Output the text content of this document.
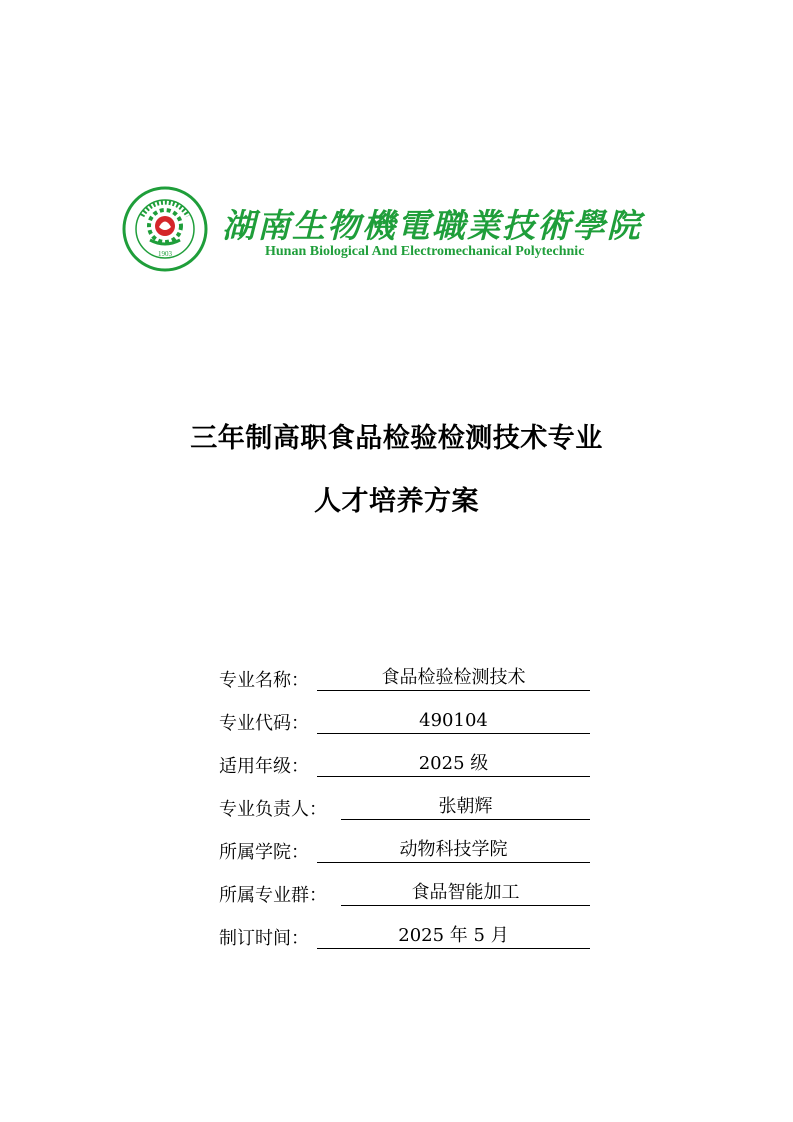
1903
湖南生物機電職業技術學院
Hunan Biological And Electromechanical Polytechnic
三年制高职食品检验检测技术专业
人才培养方案
专业名称：	食品检验检测技术
专业代码：	490104
适用年级：	2025 级
专业负责人：	张朝辉
所属学院：	动物科技学院
所属专业群：	食品智能加工
制订时间：	2025 年 5 月
